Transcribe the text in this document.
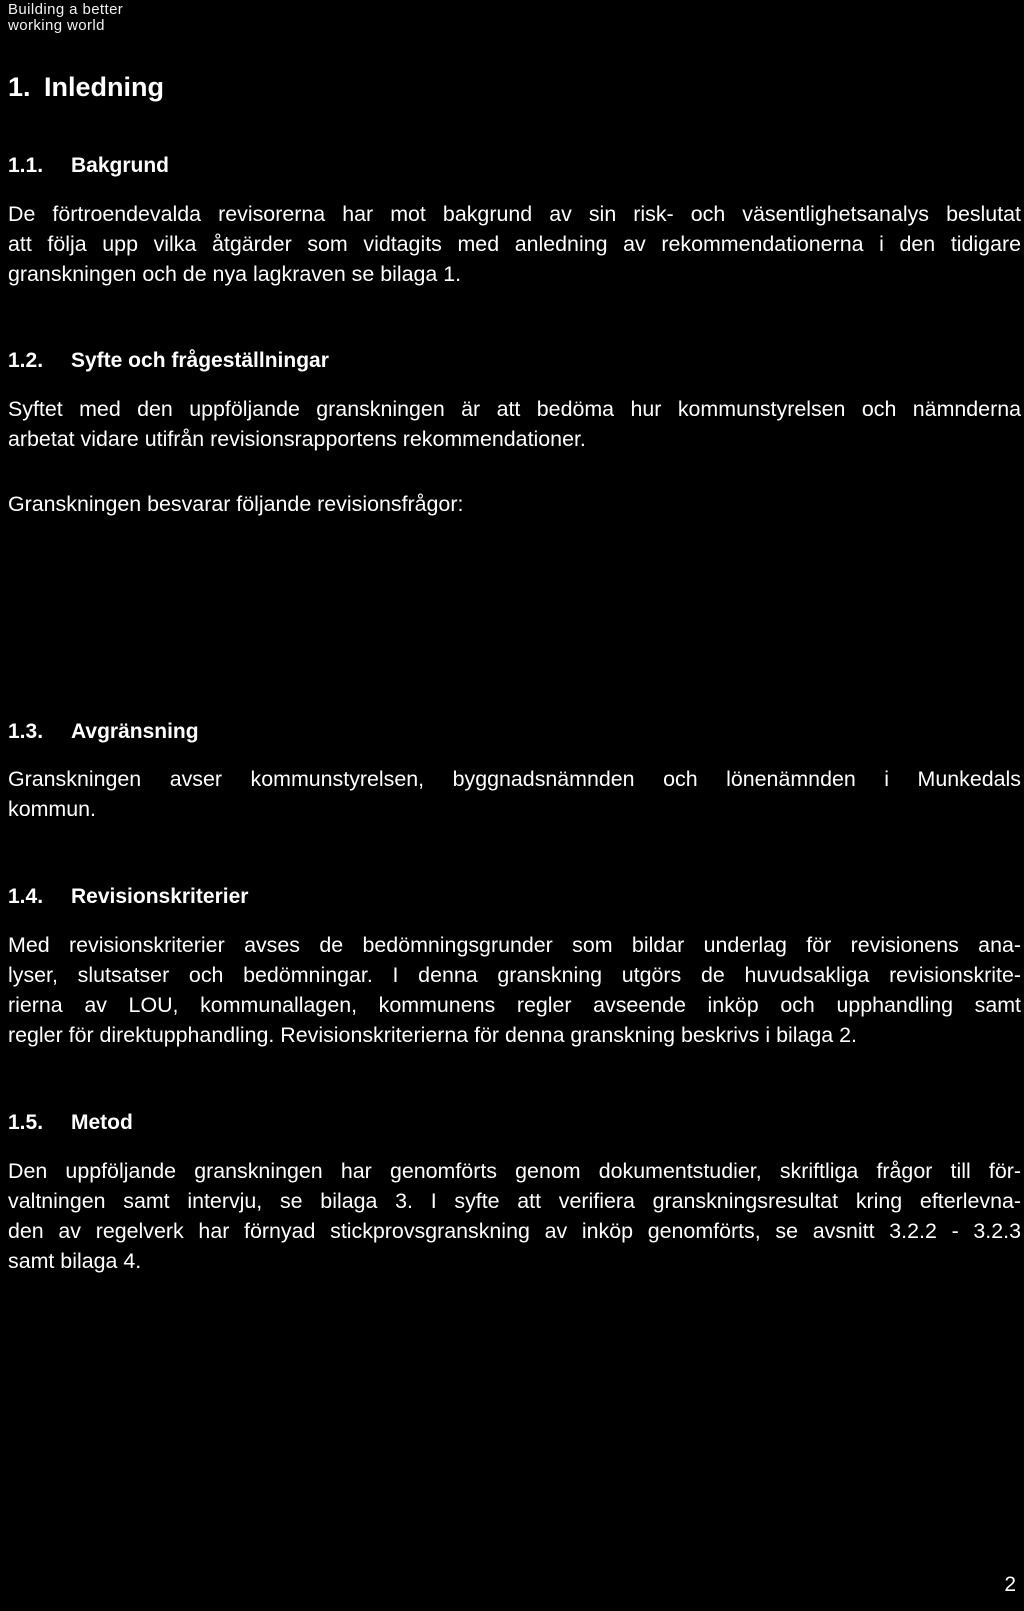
Building a better
working world
1. Inledning
1.1. Bakgrund
De förtroendevalda revisorerna har mot bakgrund av sin risk- och väsentlighetsanalys beslutat
att följa upp vilka åtgärder som vidtagits med anledning av rekommendationerna i den tidigare
granskningen och de nya lagkraven se bilaga 1.
1.2. Syfte och frågeställningar
Syftet med den uppföljande granskningen är att bedöma hur kommunstyrelsen och nämnderna
arbetat vidare utifrån revisionsrapportens rekommendationer.
Granskningen besvarar följande revisionsfrågor:
1.3. Avgränsning
Granskningen avser kommunstyrelsen, byggnadsnämnden och lönenämnden i Munkedals
kommun.
1.4. Revisionskriterier
Med revisionskriterier avses de bedömningsgrunder som bildar underlag för revisionens ana-
lyser, slutsatser och bedömningar. I denna granskning utgörs de huvudsakliga revisionskrite-
rierna av LOU, kommunallagen, kommunens regler avseende inköp och upphandling samt
regler för direktupphandling. Revisionskriterierna för denna granskning beskrivs i bilaga 2.
1.5. Metod
Den uppföljande granskningen har genomförts genom dokumentstudier, skriftliga frågor till för-
valtningen samt intervju, se bilaga 3. I syfte att verifiera granskningsresultat kring efterlevna-
den av regelverk har förnyad stickprovsgranskning av inköp genomförts, se avsnitt 3.2.2 - 3.2.3
samt bilaga 4.
2
